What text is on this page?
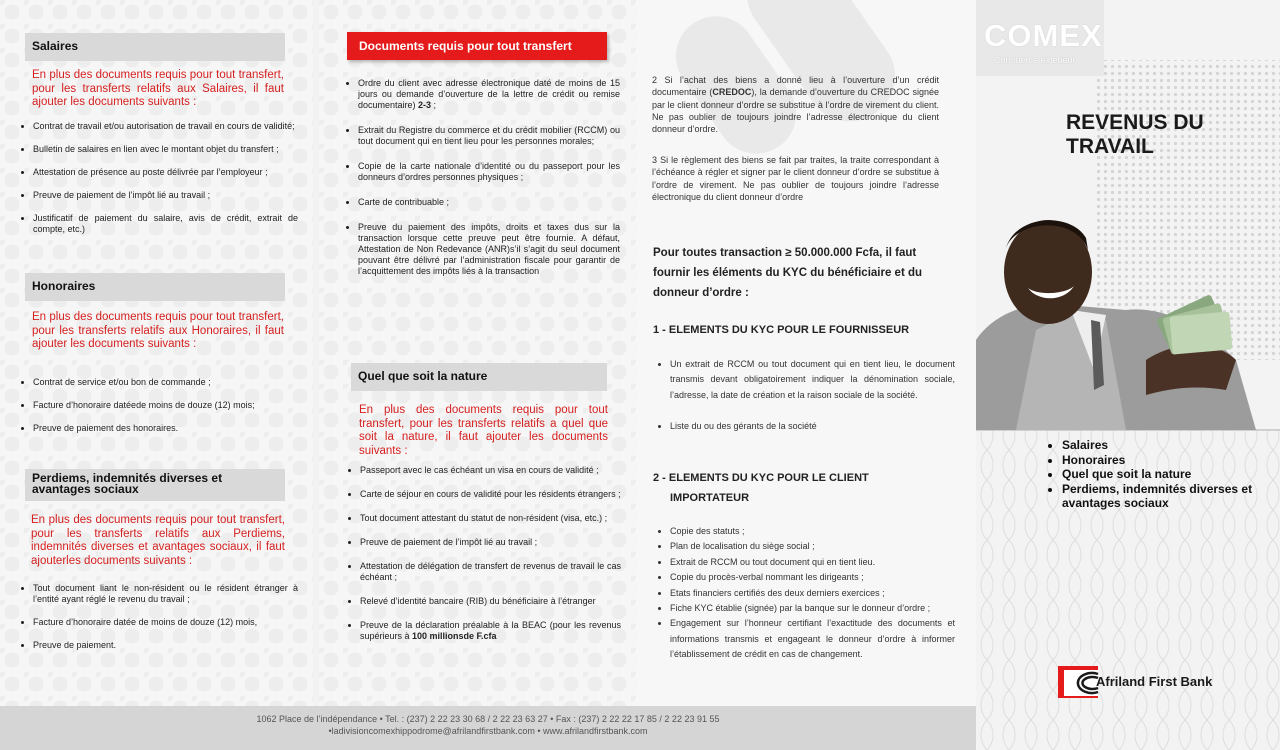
Salaires

En plus des documents requis pour tout transfert, pour les transferts relatifs aux Salaires, il faut ajouter les documents suivants :

• Contrat de travail et/ou autorisation de travail en cours de validité;
• Bulletin de salaires en lien avec le montant objet du transfert ;
• Attestation de présence au poste délivrée par l’employeur ;
• Preuve de paiement de l’impôt lié au travail ;
• Justificatif de paiement du salaire, avis de crédit, extrait de compte, etc.)
Honoraires

En plus des documents requis pour tout transfert, pour les transferts relatifs aux Honoraires, il faut ajouter les documents suivants :

• Contrat de service et/ou bon de commande ;
• Facture d’honoraire datéede moins de douze (12) mois;
• Preuve de paiement des honoraires.
Perdiems, indemnités diverses et avantages sociaux

En plus des documents requis pour tout transfert, pour les transferts relatifs aux Perdiems, indemnités diverses et avantages sociaux, il faut ajouterles documents suivants :

• Tout document liant le non-résident ou le résident étranger à l’entité ayant réglé le revenu du travail ;
• Facture d’honoraire datée de moins de douze (12) mois,
• Preuve de paiement.
Documents requis pour tout transfert
• Ordre du client avec adresse électronique daté de moins de 15 jours ou demande d’ouverture de la lettre de crédit ou remise documentaire) 2-3 ;
• Extrait du Registre du commerce et du crédit mobilier (RCCM) ou tout document qui en tient lieu pour les personnes morales;
• Copie de la carte nationale d’identité ou du passeport pour les donneurs d’ordres personnes physiques ;
• Carte de contribuable ;
• Preuve du paiement des impôts, droits et taxes dus sur la transaction lorsque cette preuve peut être fournie. A défaut, Attestation de Non Redevance (ANR)s’il s’agit du seul document pouvant être délivré par l’administration fiscale pour garantir de l’acquittement des impôts liés à la transaction
Quel que soit la nature

En plus des documents requis pour tout transfert, pour les transferts relatifs a quel que soit la nature, il faut ajouter les documents suivants :

• Passeport avec le cas échéant un visa en cours de validité ;
• Carte de séjour en cours de validité pour les résidents étrangers ;
• Tout document attestant du statut de non-résident (visa, etc.) ;
• Preuve de paiement de l’impôt lié au travail ;
• Attestation de délégation de transfert de revenus de travail le cas échéant ;
• Relevé d’identité bancaire (RIB) du bénéficiaire à l’étranger
• Preuve de la déclaration préalable à la BEAC (pour les revenus supérieurs à 100 millionsde F.cfa

2 Si l’achat des biens a donné lieu à l’ouverture d’un crédit documentaire (CREDOC), la demande d’ouverture du CREDOC signée par le client donneur d’ordre se substitue à l’ordre de virement du client. Ne pas oublier de toujours joindre l’adresse électronique du client donneur d’ordre.

3 Si le règlement des biens se fait par traites, la traite correspondant à l’échéance à régler et signer par le client donneur d’ordre se substitue à l’ordre de virement. Ne pas oublier de toujours joindre l’adresse électronique du client donneur d’ordre

Pour toutes transaction ≥ 50.000.000 Fcfa, il faut fournir les éléments du KYC du bénéficiaire et du donneur d’ordre :

1 - ELEMENTS DU KYC POUR LE FOURNISSEUR

• Un extrait de RCCM ou tout document qui en tient lieu, le document transmis devant obligatoirement indiquer la dénomination sociale, l’adresse, la date de création et la raison sociale de la société.
• Liste du ou des gérants de la société

2 - ELEMENTS DU KYC POUR LE CLIENT
IMPORTATEUR

• Copie des statuts ;
• Plan de localisation du siège social ;
• Extrait de RCCM ou tout document qui en tient lieu.
• Copie du procès-verbal nommant les dirigeants ;
• Etats financiers certifiés des deux derniers exercices ;
• Fiche KYC établie (signée) par la banque sur le donneur d’ordre ;
• Engagement sur l’honneur certifiant l’exactitude des documents et informations transmis et engageant le donneur d’ordre à informer l’établissement de crédit en cas de changement.
COMEX
Commerce exterieur
REVENUS DU
TRAVAIL
• Salaires
• Honoraires
• Quel que soit la nature
• Perdiems, indemnités diverses et avantages sociaux
Afriland First Bank
1062 Place de l’indépendance • Tel. : (237) 2 22 23 30 68 / 2 22 23 63 27 • Fax : (237) 2 22 22 17 85 / 2 22 23 91 55
•ladivisioncomexhippodrome@afrilandfirstbank.com • www.afrilandfirstbank.com
